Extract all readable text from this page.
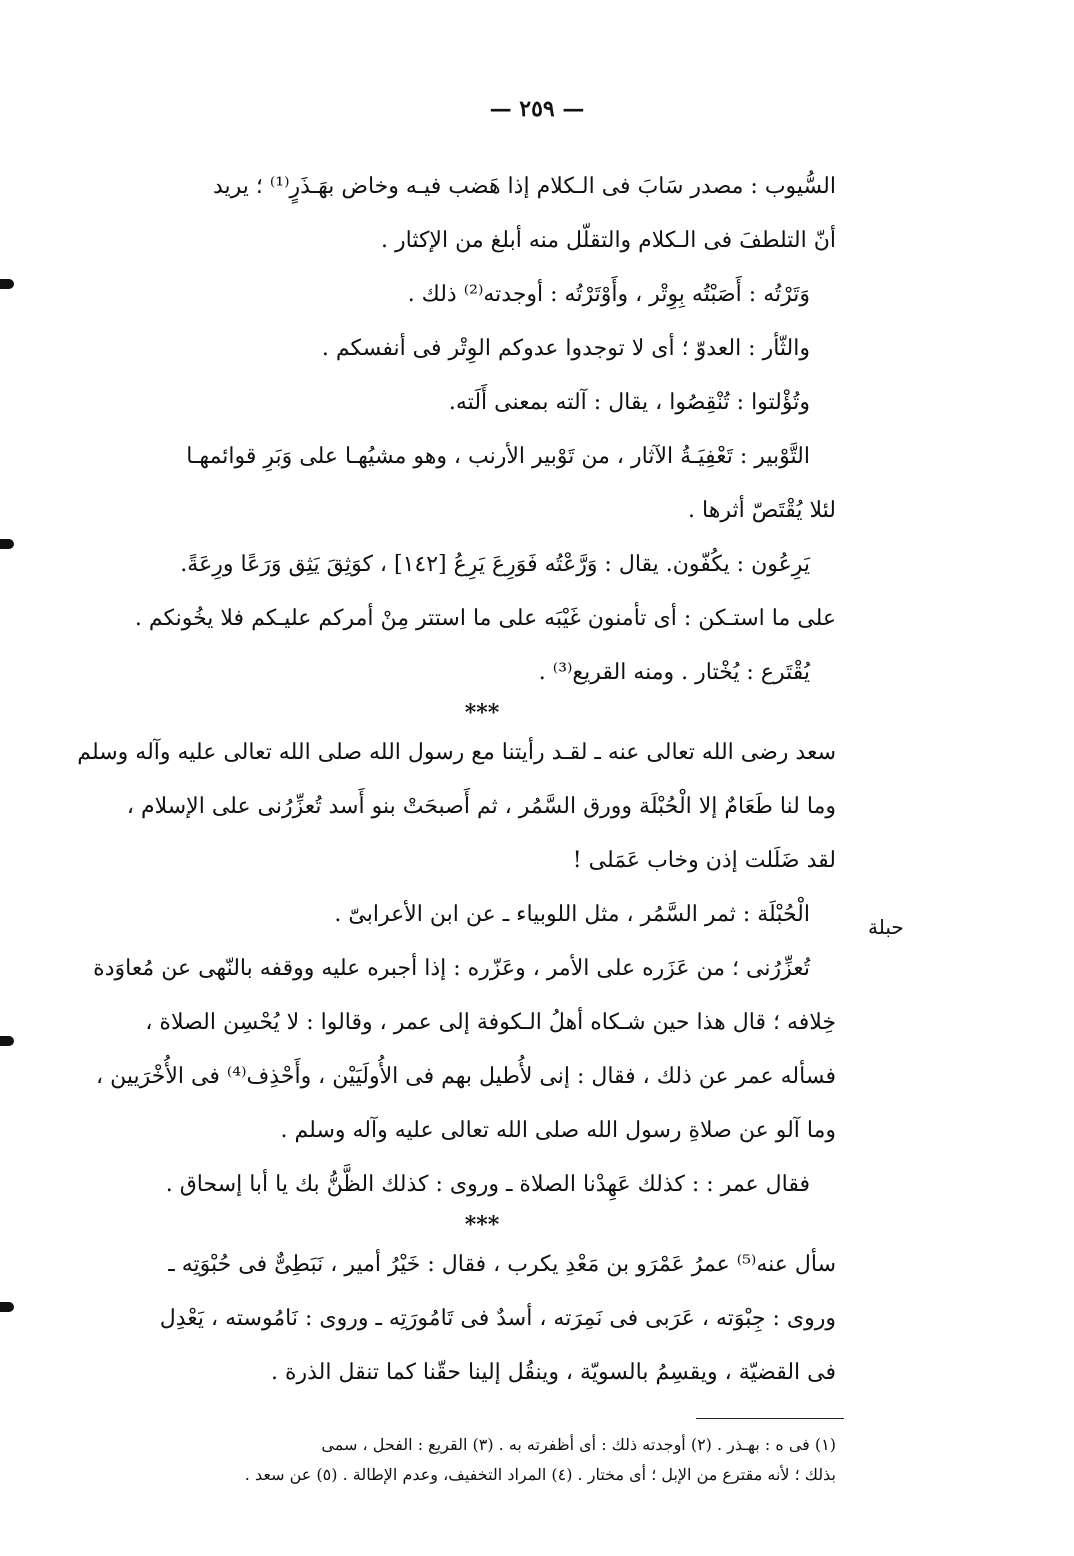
— ٢٥٩ —
حبلة
السُّيوب : مصدر سَابَ فى الـكلام إذا هَضب فيـه وخاض بهَـذَرٍ⁽¹⁾ ؛ يريد
أنّ التلطفَ فى الـكلام والتقلّل منه أبلغ من الإكثار .
وَتَرْتُه : أَصَبْتُه بِوِتْر ، وأَوْتَرْتُه : أوجدته⁽²⁾ ذلك .
والثّأر : العدوّ ؛ أى لا توجدوا عدوكم الوِتْر فى أنفسكم .
وتُؤْلتوا : تُنْقِصُوا ، يقال : آلته بمعنى أَلَته.
التَّوْبير : تَعْفِيَـةُ الآثار ، من تَوْبير الأرنب ، وهو مشيُهـا على وَبَرِ قوائمهـا
لئلا يُقْتَصّ أثرها .
يَرِعُون : يكُفّون. يقال : وَرَّعْتُه فَوَرِعَ يَرِعُ [١٤٢] ، كوَثِقَ يَثِق وَرَعًا ورِعَةً.
على ما استـكن : أى تأمنون غَيْبَه على ما استتر مِنْ أمركم عليـكم فلا يخُونكم .
يُقْتَرع : يُخْتار . ومنه القريع⁽³⁾ .
***
سعد رضى الله تعالى عنه ـ لقـد رأيتنا مع رسول الله صلى الله تعالى عليه وآله وسلم
وما لنا طَعَامٌ إلا الْحُبْلَة وورق السَّمُر ، ثم أَصبحَتْ بنو أَسد تُعزِّرُنى على الإسلام ،
لقد ضَلَلت إذن وخاب عَمَلى !
الْحُبْلَة : ثمر السَّمُر ، مثل اللوبياء ـ عن ابن الأعرابىّ .
تُعزِّرُنى ؛ من عَزَره على الأمر ، وعَزّره : إذا أجبره عليه ووقفه بالنّهى عن مُعاوَدة
خِلافه ؛ قال هذا حين شـكاه أهلُ الـكوفة إلى عمر ، وقالوا : لا يُحْسِن الصلاة ،
فسأله عمر عن ذلك ، فقال : إنى لأُطيل بهم فى الأُولَيَيْن ، وأَحْذِف⁽⁴⁾ فى الأُخْرَيين ،
وما آلو عن صلاةِ رسول الله صلى الله تعالى عليه وآله وسلم .
فقال عمر : : كذلك عَهِدْنا الصلاة ـ وروى : كذلك الظَّنُّ بك يا أبا إسحاق .
***
سأل عنه⁽⁵⁾ عمرُ عَمْرَو بن مَعْدِ يكرب ، فقال : خَيْرُ أمير ، نَبَطِىٌّ فى حُبْوَتِه ـ
وروى : جِبْوَته ، عَرَبى فى نَمِرَته ، أسدٌ فى تَامُورَتِه ـ وروى : نَامُوسته ، يَعْدِل
فى القضيّة ، ويقسِمُ بالسويّة ، وينقُل إلينا حقّنا كما تنقل الذرة .
(١) فى ه : بهـذر . (٢) أوجدته ذلك : أى أظفرته به . (٣) القريع : الفحل ، سمى
بذلك ؛ لأنه مقترع من الإبل ؛ أى مختار . (٤) المراد التخفيف، وعدم الإطالة . (٥) عن سعد .
